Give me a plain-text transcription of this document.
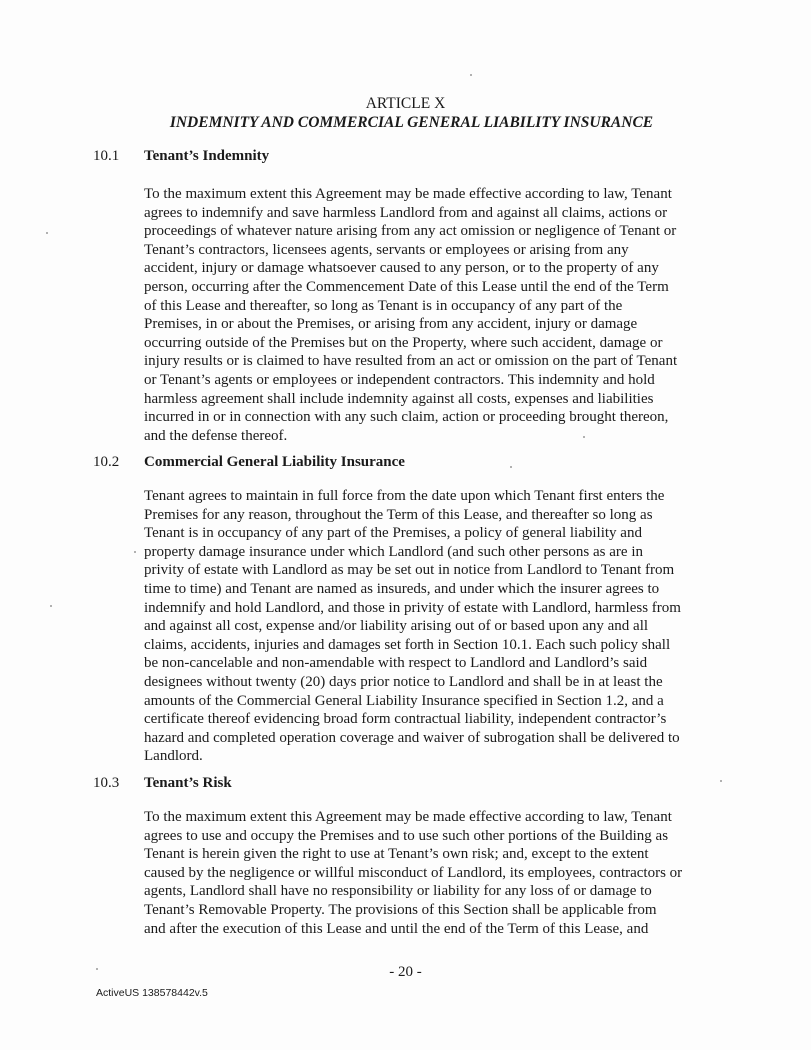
ARTICLE X
INDEMNITY AND COMMERCIAL GENERAL LIABILITY INSURANCE
10.1 Tenant’s Indemnity
To the maximum extent this Agreement may be made effective according to law, Tenant
agrees to indemnify and save harmless Landlord from and against all claims, actions or
proceedings of whatever nature arising from any act omission or negligence of Tenant or
Tenant’s contractors, licensees agents, servants or employees or arising from any
accident, injury or damage whatsoever caused to any person, or to the property of any
person, occurring after the Commencement Date of this Lease until the end of the Term
of this Lease and thereafter, so long as Tenant is in occupancy of any part of the
Premises, in or about the Premises, or arising from any accident, injury or damage
occurring outside of the Premises but on the Property, where such accident, damage or
injury results or is claimed to have resulted from an act or omission on the part of Tenant
or Tenant’s agents or employees or independent contractors. This indemnity and hold
harmless agreement shall include indemnity against all costs, expenses and liabilities
incurred in or in connection with any such claim, action or proceeding brought thereon,
and the defense thereof.
10.2 Commercial General Liability Insurance
Tenant agrees to maintain in full force from the date upon which Tenant first enters the
Premises for any reason, throughout the Term of this Lease, and thereafter so long as
Tenant is in occupancy of any part of the Premises, a policy of general liability and
property damage insurance under which Landlord (and such other persons as are in
privity of estate with Landlord as may be set out in notice from Landlord to Tenant from
time to time) and Tenant are named as insureds, and under which the insurer agrees to
indemnify and hold Landlord, and those in privity of estate with Landlord, harmless from
and against all cost, expense and/or liability arising out of or based upon any and all
claims, accidents, injuries and damages set forth in Section 10.1. Each such policy shall
be non-cancelable and non-amendable with respect to Landlord and Landlord’s said
designees without twenty (20) days prior notice to Landlord and shall be in at least the
amounts of the Commercial General Liability Insurance specified in Section 1.2, and a
certificate thereof evidencing broad form contractual liability, independent contractor’s
hazard and completed operation coverage and waiver of subrogation shall be delivered to
Landlord.
10.3 Tenant’s Risk
To the maximum extent this Agreement may be made effective according to law, Tenant
agrees to use and occupy the Premises and to use such other portions of the Building as
Tenant is herein given the right to use at Tenant’s own risk; and, except to the extent
caused by the negligence or willful misconduct of Landlord, its employees, contractors or
agents, Landlord shall have no responsibility or liability for any loss of or damage to
Tenant’s Removable Property. The provisions of this Section shall be applicable from
and after the execution of this Lease and until the end of the Term of this Lease, and
- 20 -
ActiveUS 138578442v.5
